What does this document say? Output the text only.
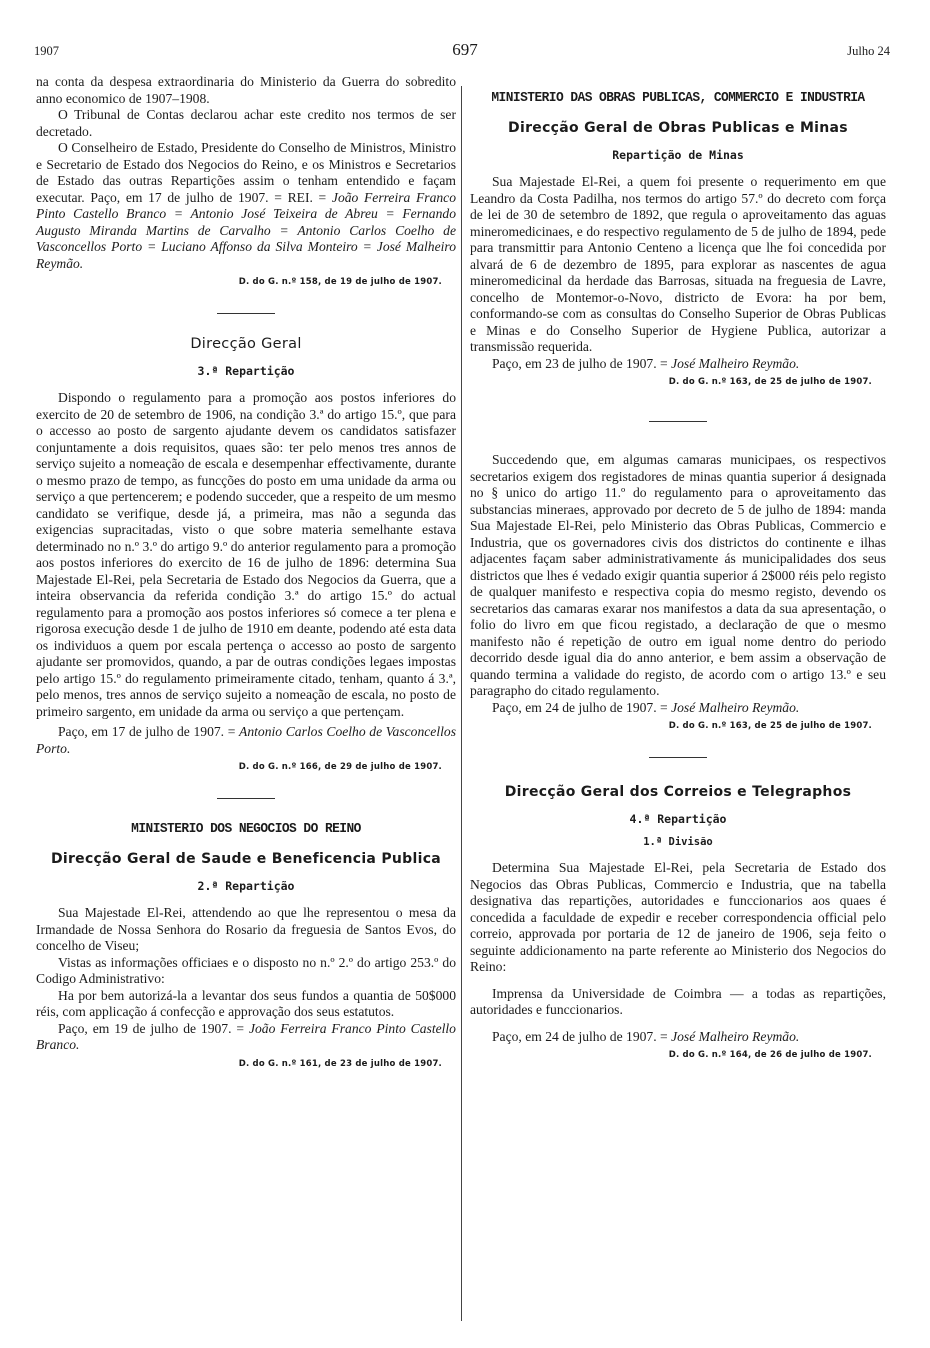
1907	697	Julho 24

na conta da despesa extraordinaria do Ministerio da Guerra do sobredito anno economico de 1907–1908.

O Tribunal de Contas declarou achar este credito nos termos de ser decretado.

O Conselheiro de Estado, Presidente do Conselho de Ministros, Ministro e Secretario de Estado dos Negocios do Reino, e os Ministros e Secretarios de Estado das outras Repartições assim o tenham entendido e façam executar. Paço, em 17 de julho de 1907. = REI. = João Ferreira Franco Pinto Castello Branco = Antonio José Teixeira de Abreu = Fernando Augusto Miranda Martins de Carvalho = Antonio Carlos Coelho de Vasconcellos Porto = Luciano Affonso da Silva Monteiro = José Malheiro Reymão.

D. do G. n.º 158, de 19 de julho de 1907.
Direcção Geral
3.ª Repartição

Dispondo o regulamento para a promoção aos postos inferiores do exercito de 20 de setembro de 1906, na condição 3.ª do artigo 15.º, que para o accesso ao posto de sargento ajudante devem os candidatos satisfazer conjuntamente a dois requisitos, quaes são: ter pelo menos tres annos de serviço sujeito a nomeação de escala e desempenhar effectivamente, durante o mesmo prazo de tempo, as funcções do posto em uma unidade da arma ou serviço a que pertencerem; e podendo succeder, que a respeito de um mesmo candidato se verifique, desde já, a primeira, mas não a segunda das exigencias supracitadas, visto o que sobre materia semelhante estava determinado no n.º 3.º do artigo 9.º do anterior regulamento para a promoção aos postos inferiores do exercito de 16 de julho de 1896: determina Sua Majestade El-Rei, pela Secretaria de Estado dos Negocios da Guerra, que a inteira observancia da referida condição 3.ª do artigo 15.º do actual regulamento para a promoção aos postos inferiores só comece a ter plena e rigorosa execução desde 1 de julho de 1910 em deante, podendo até esta data os individuos a quem por escala pertença o accesso ao posto de sargento ajudante ser promovidos, quando, a par de outras condições legaes impostas pelo artigo 15.º do regulamento primeiramente citado, tenham, quanto á 3.ª, pelo menos, tres annos de serviço sujeito a nomeação de escala, no posto de primeiro sargento, em unidade da arma ou serviço a que pertençam.

Paço, em 17 de julho de 1907. = Antonio Carlos Coelho de Vasconcellos Porto.

D. do G. n.º 166, de 29 de julho de 1907.
MINISTERIO DOS NEGOCIOS DO REINO
Direcção Geral de Saude e Beneficencia Publica
2.ª Repartição

Sua Majestade El-Rei, attendendo ao que lhe representou o mesa da Irmandade de Nossa Senhora do Rosario da freguesia de Santos Evos, do concelho de Viseu;

Vistas as informações officiaes e o disposto no n.º 2.º do artigo 253.º do Codigo Administrativo:

Ha por bem autorizá-la a levantar dos seus fundos a quantia de 50$000 réis, com applicação á confecção e approvação dos seus estatutos.

Paço, em 19 de julho de 1907. = João Ferreira Franco Pinto Castello Branco.

D. do G. n.º 161, de 23 de julho de 1907.
MINISTERIO DAS OBRAS PUBLICAS, COMMERCIO E INDUSTRIA
Direcção Geral de Obras Publicas e Minas
Repartição de Minas

Sua Majestade El-Rei, a quem foi presente o requerimento em que Leandro da Costa Padilha, nos termos do artigo 57.º do decreto com força de lei de 30 de setembro de 1892, que regula o aproveitamento das aguas mineromedicinaes, e do respectivo regulamento de 5 de julho de 1894, pede para transmittir para Antonio Centeno a licença que lhe foi concedida por alvará de 6 de dezembro de 1895, para explorar as nascentes de agua mineromedicinal da herdade das Barrosas, situada na freguesia de Lavre, concelho de Montemor-o-Novo, districto de Evora: ha por bem, conformando-se com as consultas do Conselho Superior de Obras Publicas e Minas e do Conselho Superior de Hygiene Publica, autorizar a transmissão requerida.

Paço, em 23 de julho de 1907. = José Malheiro Reymão.

D. do G. n.º 163, de 25 de julho de 1907.

Succedendo que, em algumas camaras municipaes, os respectivos secretarios exigem dos registadores de minas quantia superior á designada no § unico do artigo 11.º do regulamento para o aproveitamento das substancias mineraes, approvado por decreto de 5 de julho de 1894: manda Sua Majestade El-Rei, pelo Ministerio das Obras Publicas, Commercio e Industria, que os governadores civis dos districtos do continente e ilhas adjacentes façam saber administrativamente ás municipalidades dos seus districtos que lhes é vedado exigir quantia superior á 2$000 réis pelo registo de qualquer manifesto e respectiva copia do mesmo registo, devendo os secretarios das camaras exarar nos manifestos a data da sua apresentação, o folio do livro em que ficou registado, a declaração de que o mesmo manifesto não é repetição de outro em igual nome dentro do periodo decorrido desde igual dia do anno anterior, e bem assim a observação de quando termina a validade do registo, de acordo com o artigo 13.º e seu paragrapho do citado regulamento.

Paço, em 24 de julho de 1907. = José Malheiro Reymão.

D. do G. n.º 163, de 25 de julho de 1907.
Direcção Geral dos Correios e Telegraphos
4.ª Repartição
1.ª Divisão

Determina Sua Majestade El-Rei, pela Secretaria de Estado dos Negocios das Obras Publicas, Commercio e Industria, que na tabella designativa das repartições, autoridades e funccionarios aos quaes é concedida a faculdade de expedir e receber correspondencia official pelo correio, approvada por portaria de 12 de janeiro de 1906, seja feito o seguinte addicionamento na parte referente ao Ministerio dos Negocios do Reino:

Imprensa da Universidade de Coimbra — a todas as repartições, autoridades e funccionarios.

Paço, em 24 de julho de 1907. = José Malheiro Reymão.

D. do G. n.º 164, de 26 de julho de 1907.
